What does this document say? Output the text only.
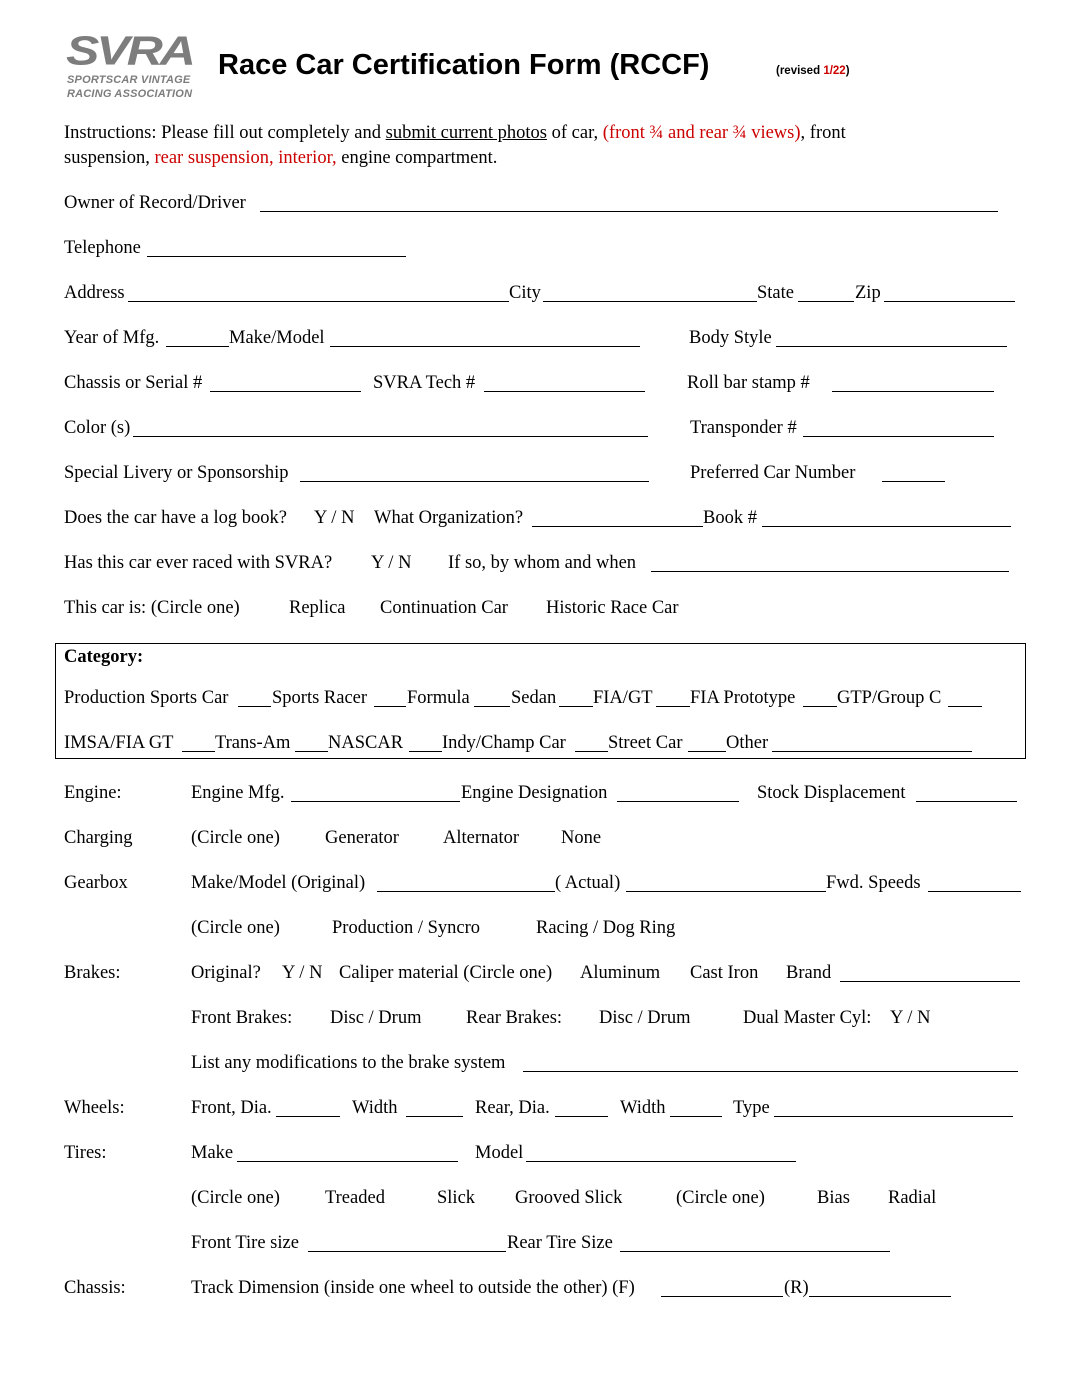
SVRA
SPORTSCAR VINTAGE
RACING ASSOCIATION
Race Car Certification Form (RCCF)	(revised 1/22)
Instructions: Please fill out completely and submit current photos of car, (front ¾ and rear ¾ views), front
suspension, rear suspension, interior, engine compartment.
Owner of Record/Driver
Telephone
Address	City	State	Zip
Year of Mfg.	Make/Model	Body Style
Chassis or Serial #	SVRA Tech #	Roll bar stamp #
Color (s)	Transponder #
Special Livery or Sponsorship	Preferred Car Number
Does the car have a log book? Y / N What Organization?	Book #
Has this car ever raced with SVRA? Y / N If so, by whom and when
This car is: (Circle one)	Replica Continuation Car Historic Race Car
Category:
Production Sports Car Sports Racer Formula Sedan FIA/GT FIA Prototype GTP/Group C
IMSA/FIA GT Trans-Am NASCAR Indy/Champ Car Street Car Other
Engine:	Engine Mfg.	Engine Designation	Stock Displacement
Charging	(Circle one) Generator Alternator None
Gearbox	Make/Model (Original)	( Actual)	Fwd. Speeds
(Circle one)	Production / Syncro	Racing / Dog Ring
Brakes:	Original? Y / N Caliper material (Circle one) Aluminum Cast Iron Brand
Front Brakes: Disc / Drum Rear Brakes: Disc / Drum	Dual Master Cyl: Y / N
List any modifications to the brake system
Wheels:	Front, Dia.	Width	Rear, Dia.	Width	Type
Tires:	Make	Model
(Circle one) Treaded	Slick Grooved Slick	(Circle one)	Bias Radial
Front Tire size	Rear Tire Size
Chassis:	Track Dimension (inside one wheel to outside the other) (F)	(R)
